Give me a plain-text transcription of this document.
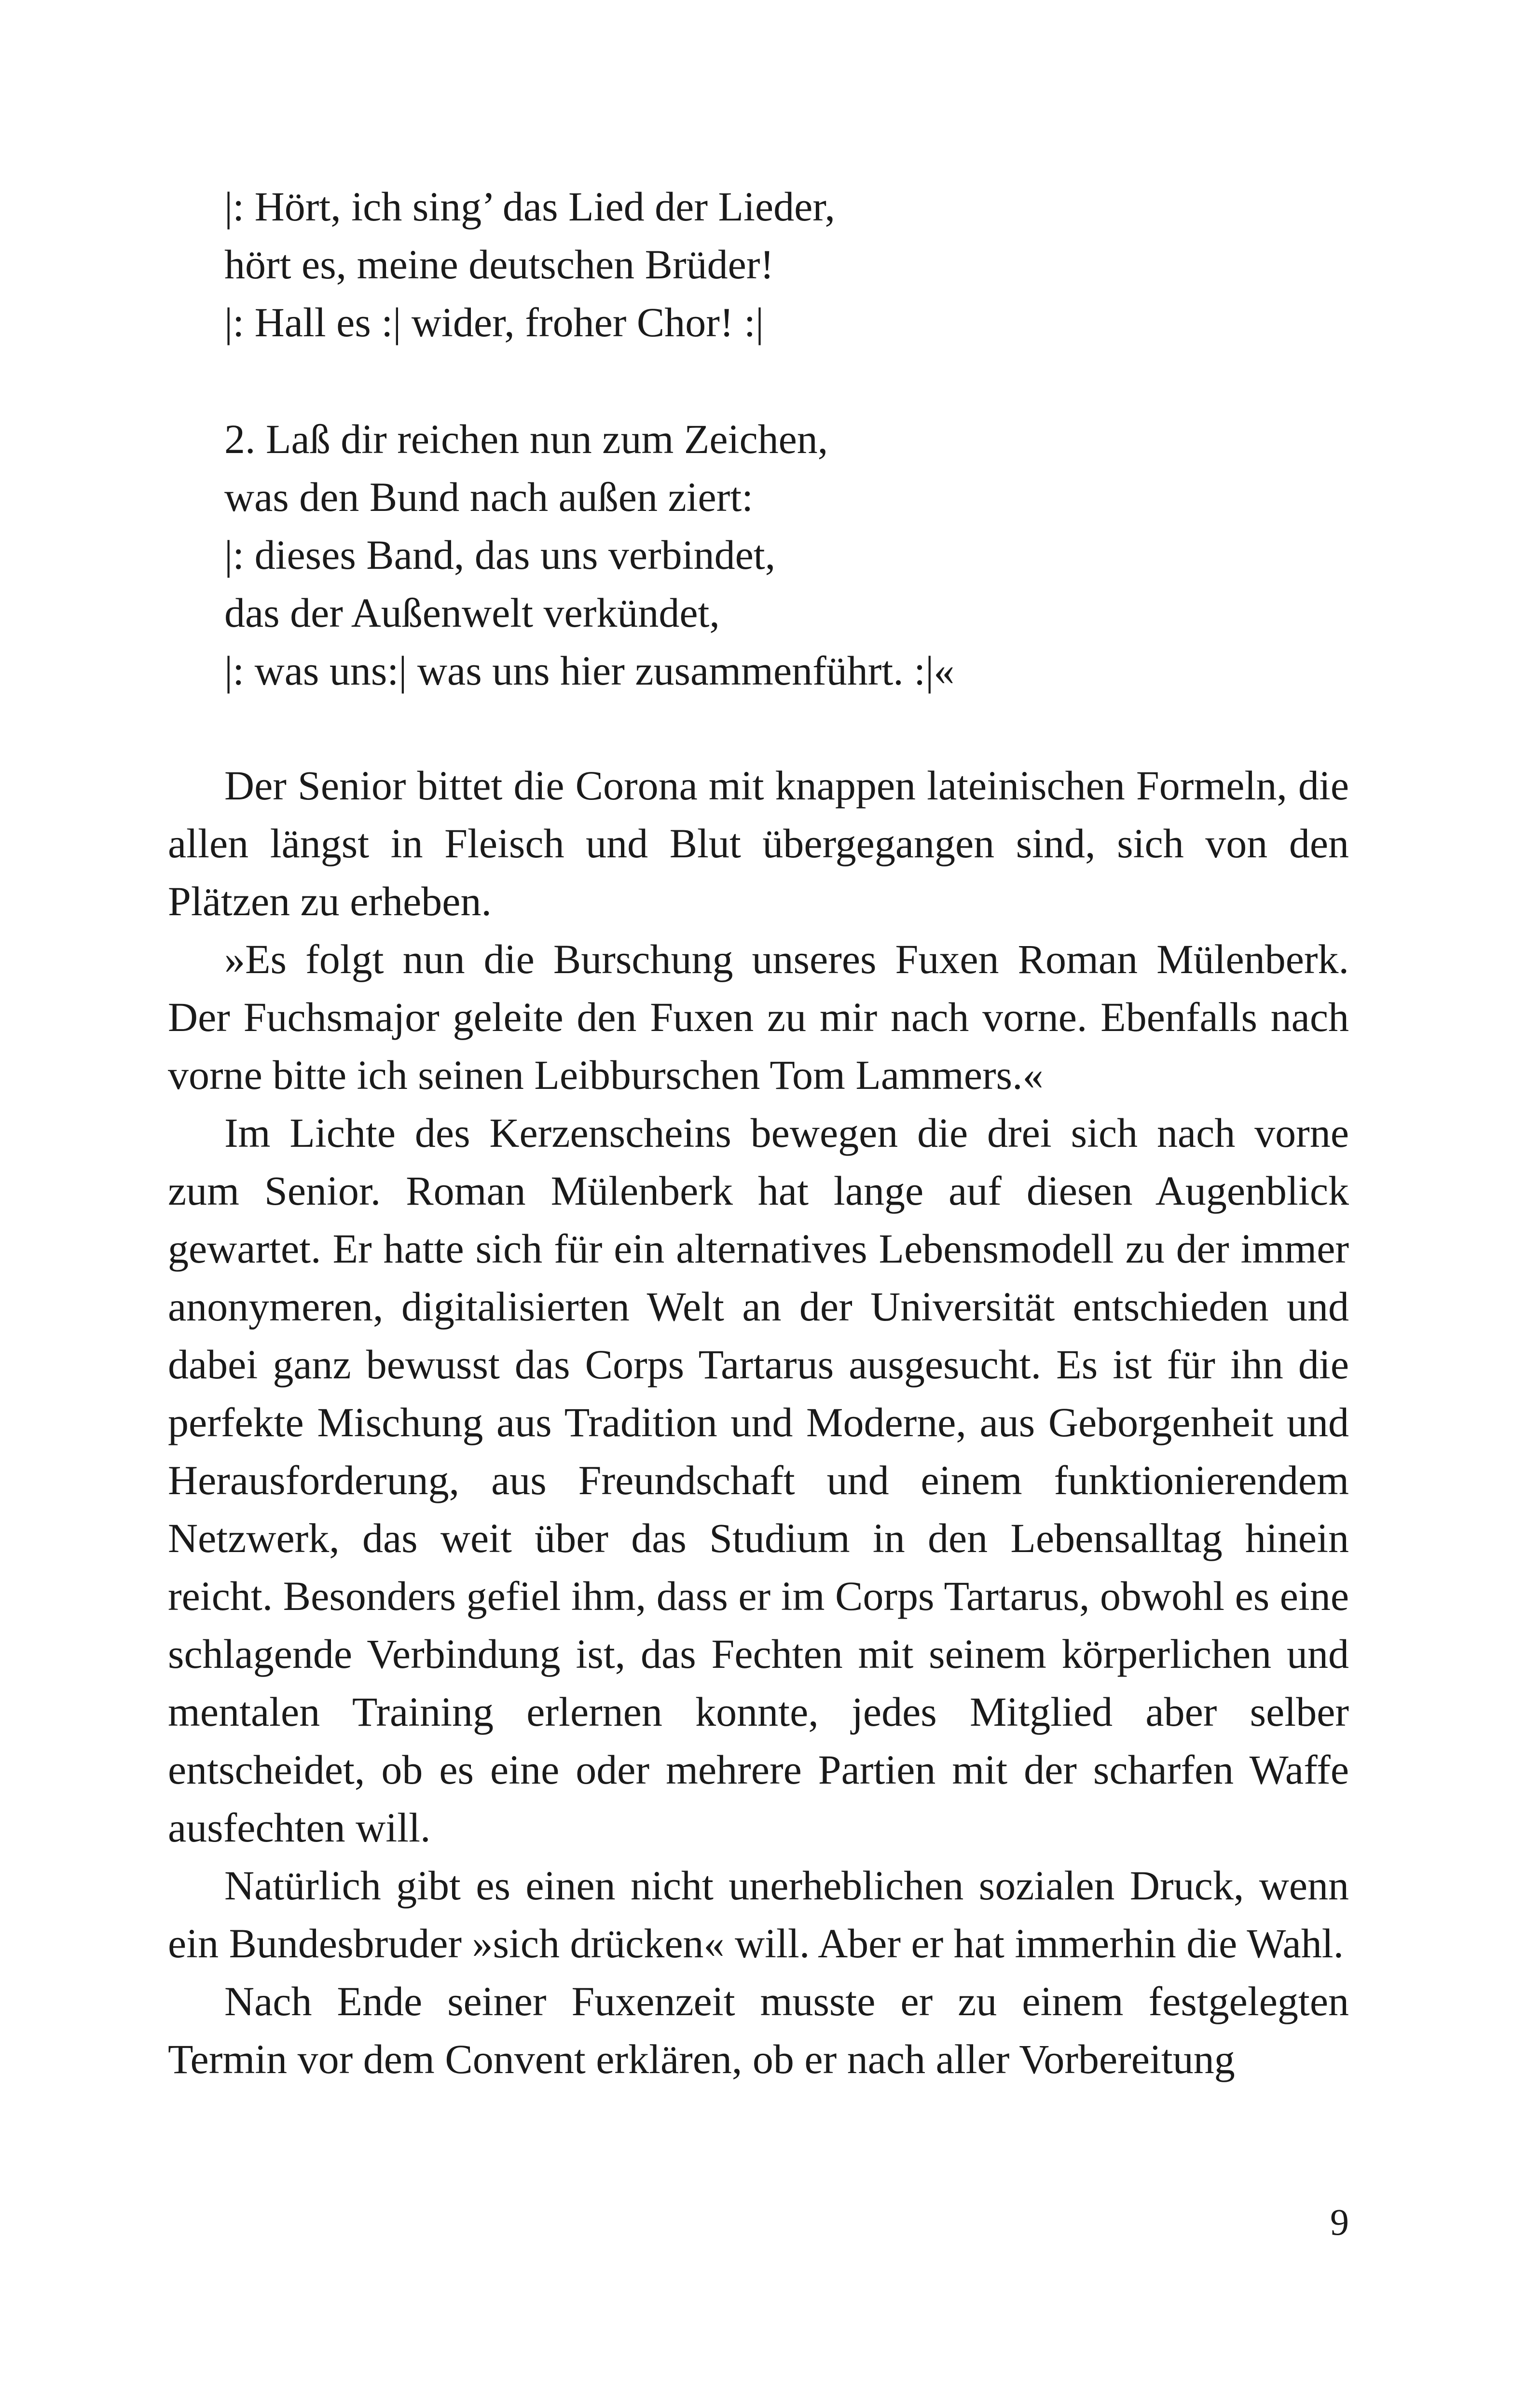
|: Hört, ich sing’ das Lied der Lieder,
hört es, meine deutschen Brüder!
|: Hall es :| wider, froher Chor! :|
2. Laß dir reichen nun zum Zeichen,
was den Bund nach außen ziert:
|: dieses Band, das uns verbindet,
das der Außenwelt verkündet,
|: was uns:| was uns hier zusammenführt. :|«

Der Senior bittet die Corona mit knappen lateinischen Formeln, die allen längst in Fleisch und Blut übergegangen sind, sich von den Plätzen zu erheben.

»Es folgt nun die Burschung unseres Fuxen Roman Mülenberk. Der Fuchsmajor geleite den Fuxen zu mir nach vorne. Ebenfalls nach vorne bitte ich seinen Leibburschen Tom Lammers.«

Im Lichte des Kerzenscheins bewegen die drei sich nach vorne zum Senior. Roman Mülenberk hat lange auf diesen Augenblick gewartet. Er hatte sich für ein alternatives Lebensmodell zu der immer anonymeren, digitalisierten Welt an der Universität entschieden und dabei ganz bewusst das Corps Tartarus ausgesucht. Es ist für ihn die perfekte Mischung aus Tradition und Moderne, aus Geborgenheit und Herausforderung, aus Freundschaft und einem funktionierendem Netzwerk, das weit über das Studium in den Lebensalltag hinein reicht. Besonders gefiel ihm, dass er im Corps Tartarus, obwohl es eine schlagende Verbindung ist, das Fechten mit seinem körperlichen und mentalen Training erlernen konnte, jedes Mitglied aber selber entscheidet, ob es eine oder mehrere Partien mit der scharfen Waffe ausfechten will.

Natürlich gibt es einen nicht unerheblichen sozialen Druck, wenn ein Bundesbruder »sich drücken« will. Aber er hat immerhin die Wahl.

Nach Ende seiner Fuxenzeit musste er zu einem festgelegten Termin vor dem Convent erklären, ob er nach aller Vorbereitung

9
